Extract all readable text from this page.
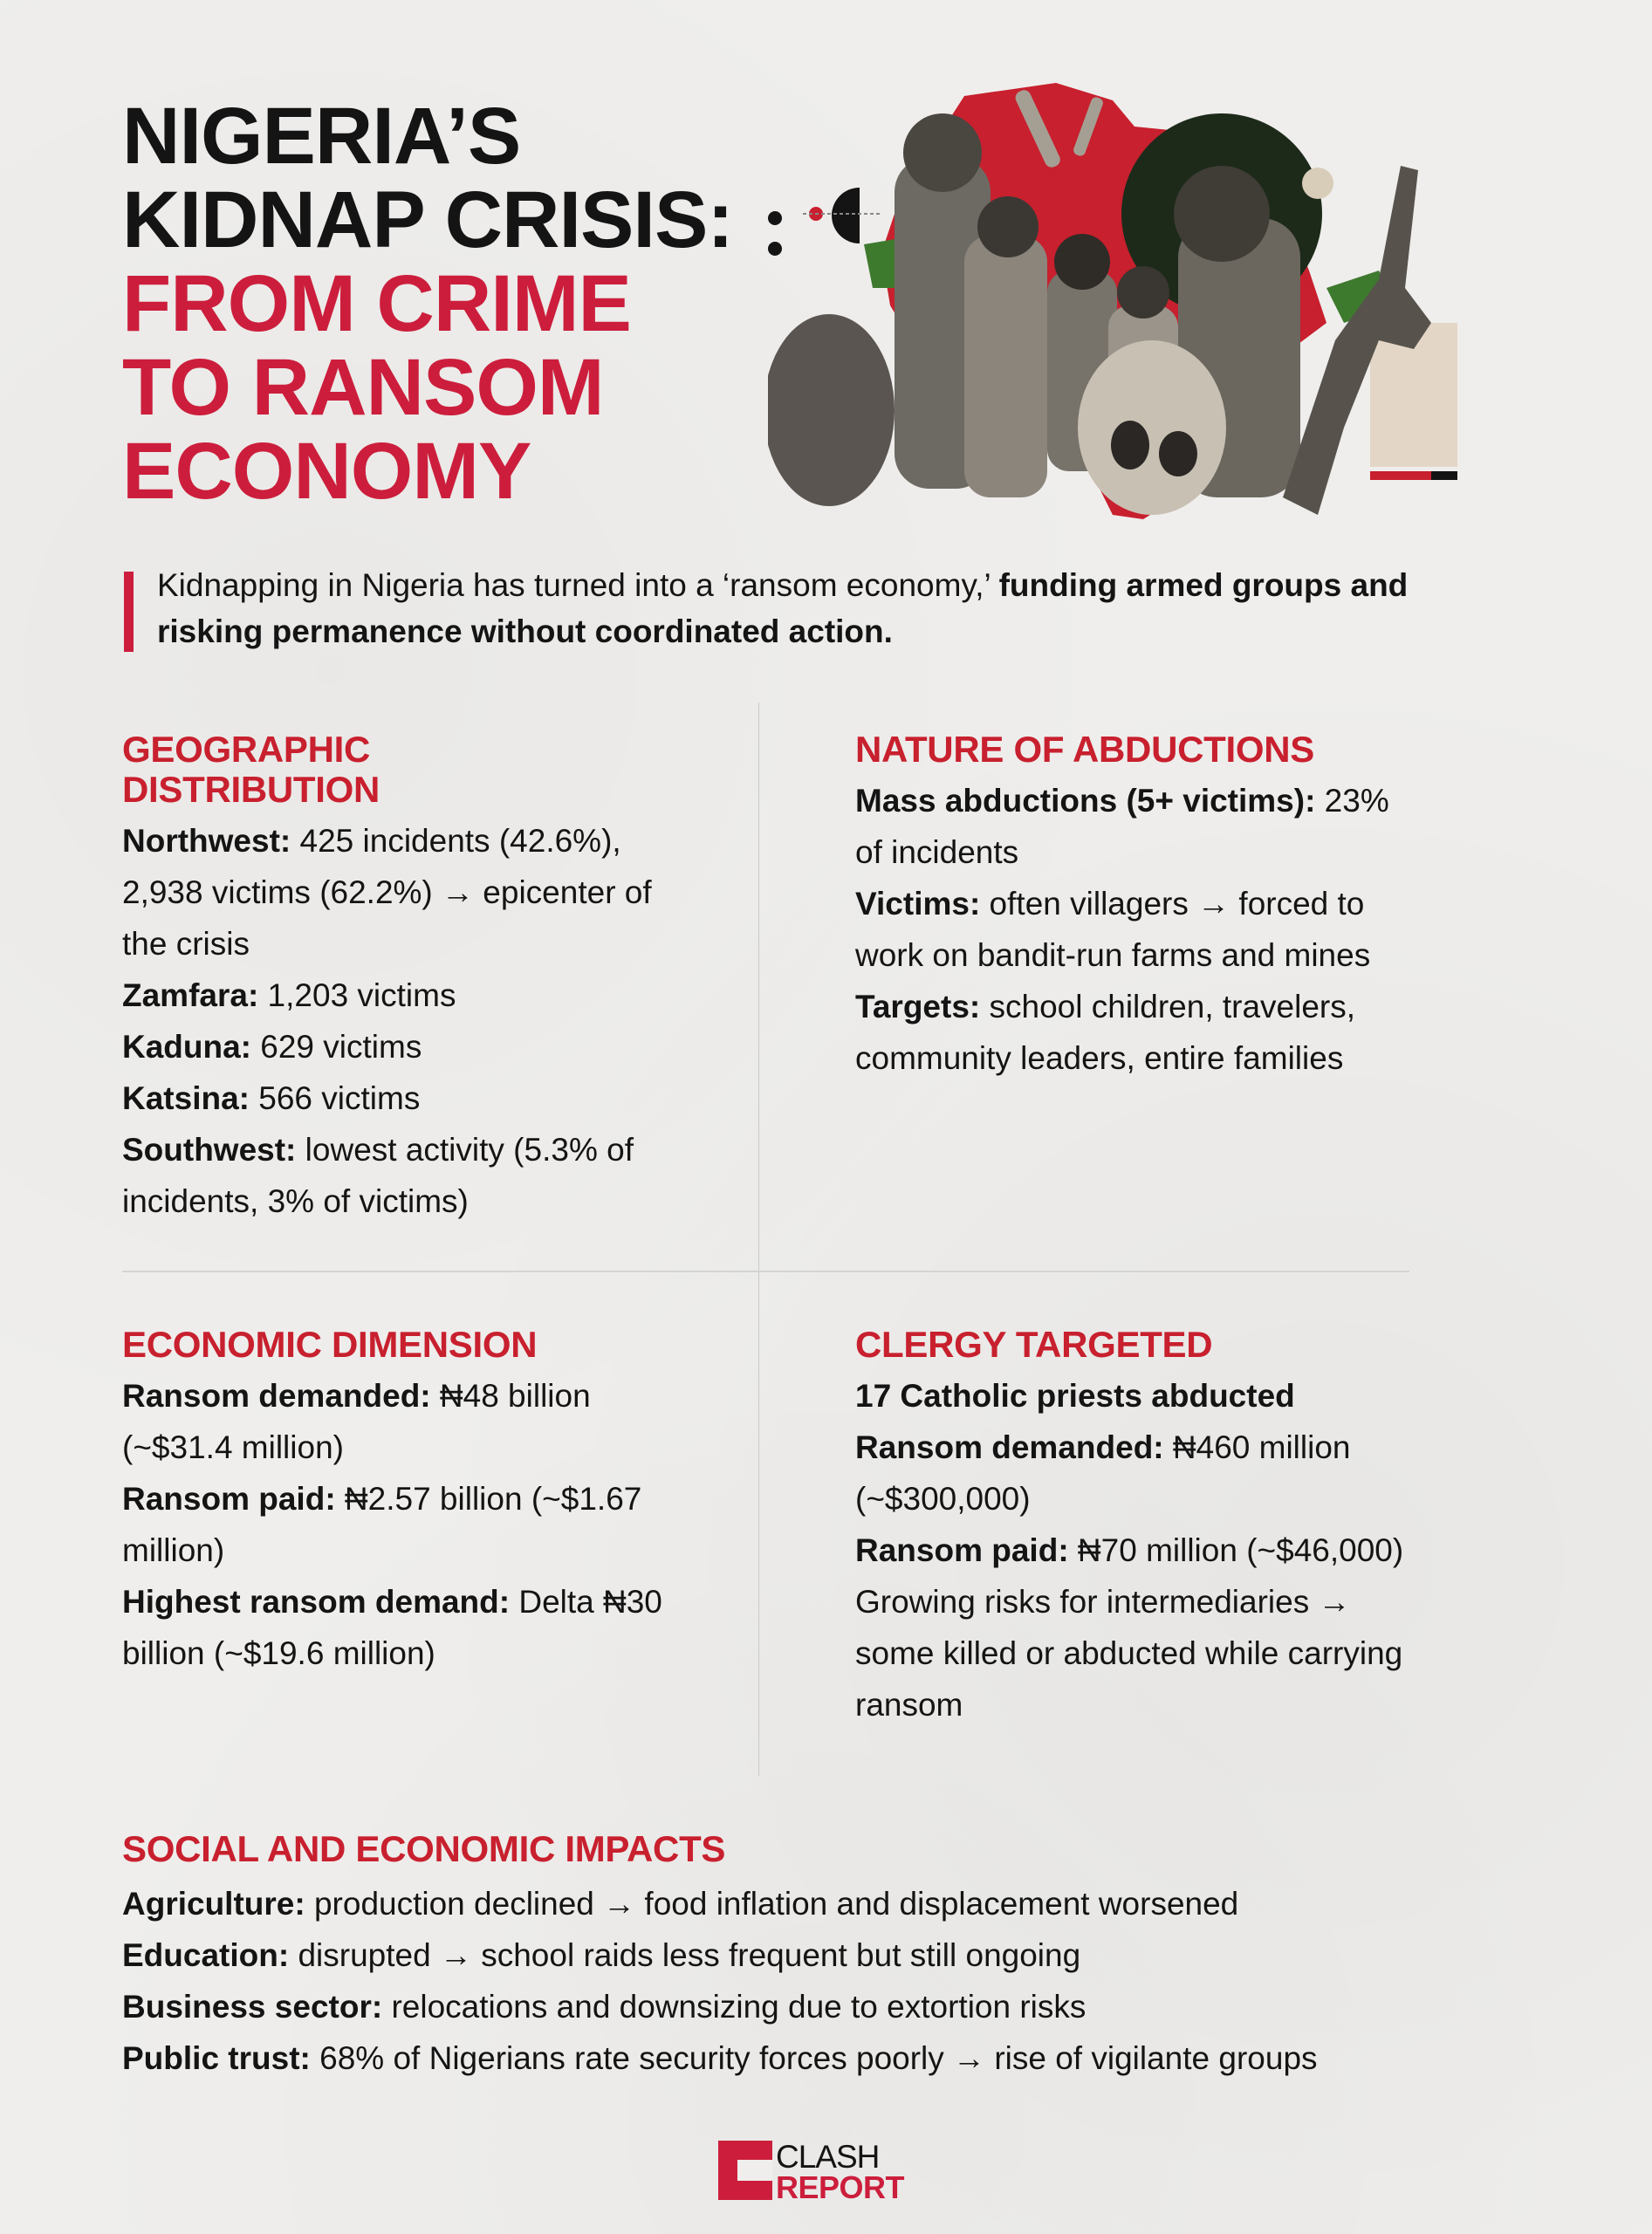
NIGERIA’S
KIDNAP CRISIS:
FROM CRIME
TO RANSOM
ECONOMY

Kidnapping in Nigeria has turned into a ‘ransom economy,’ funding armed groups and risking permanence without coordinated action.

GEOGRAPHIC DISTRIBUTION

Northwest: 425 incidents (42.6%), 2,938 victims (62.2%) → epicenter of the crisis

Zamfara: 1,203 victims

Kaduna: 629 victims

Katsina: 566 victims

Southwest: lowest activity (5.3% of incidents, 3% of victims)

NATURE OF ABDUCTIONS

Mass abductions (5+ victims): 23% of incidents

Victims: often villagers → forced to work on bandit-run farms and mines

Targets: school children, travelers, community leaders, entire families

ECONOMIC DIMENSION

Ransom demanded: ₦48 billion (~$31.4 million)

Ransom paid: ₦2.57 billion (~$1.67 million)

Highest ransom demand: Delta ₦30 billion (~$19.6 million)

CLERGY TARGETED

17 Catholic priests abducted

Ransom demanded: ₦460 million (~$300,000)

Ransom paid: ₦70 million (~$46,000)

Growing risks for intermediaries → some killed or abducted while carrying ransom

SOCIAL AND ECONOMIC IMPACTS

Agriculture: production declined → food inflation and displacement worsened

Education: disrupted → school raids less frequent but still ongoing

Business sector: relocations and downsizing due to extortion risks

Public trust: 68% of Nigerians rate security forces poorly → rise of vigilante groups

CLASH
REPORT
